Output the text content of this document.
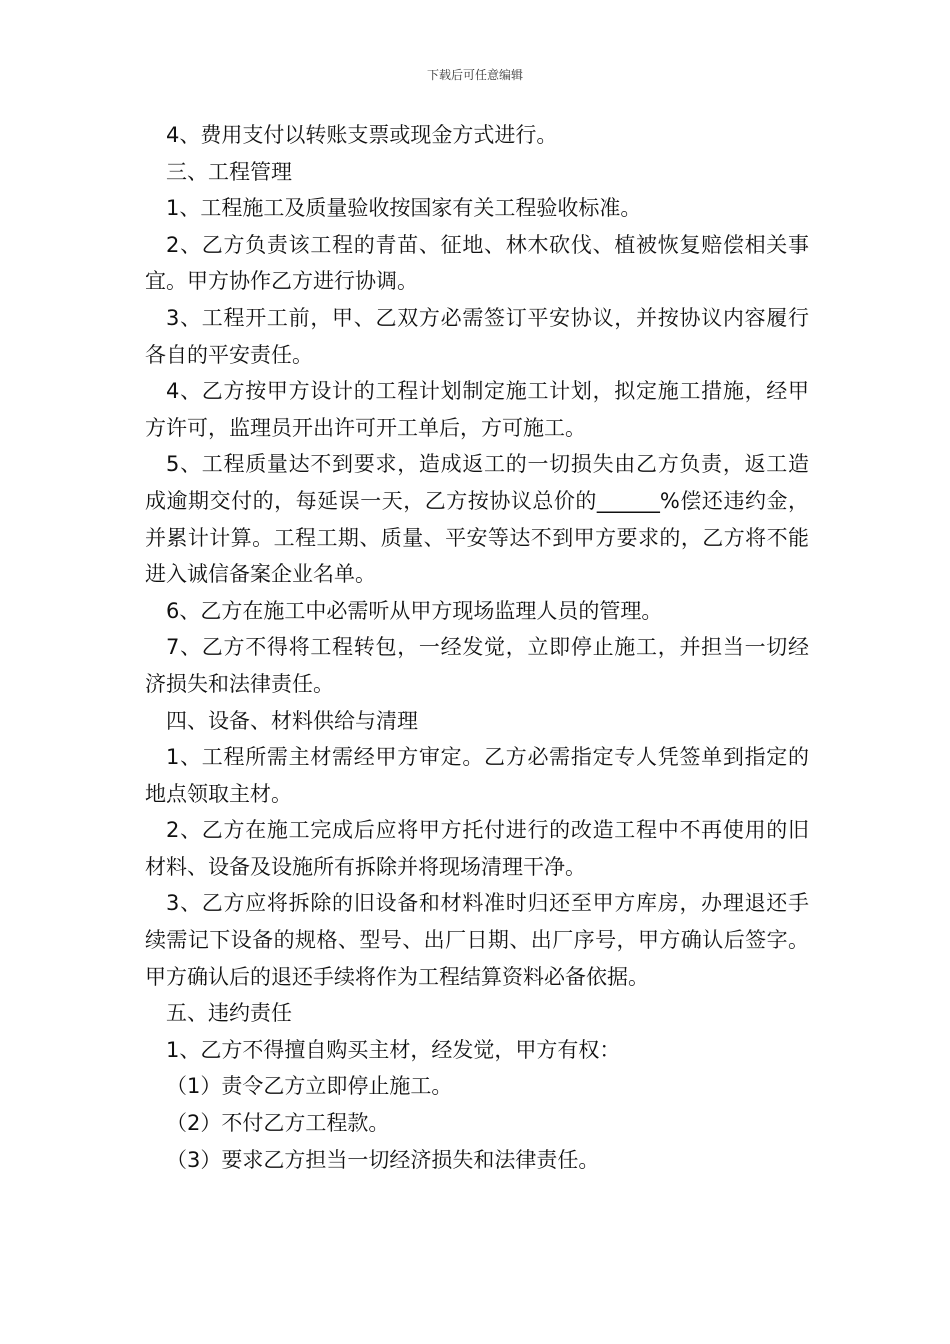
下载后可任意编辑

4、费用支付以转账支票或现金方式进行。

三、工程管理

1、工程施工及质量验收按国家有关工程验收标准。

2、乙方负责该工程的青苗、征地、林木砍伐、植被恢复赔偿相关事宜。甲方协作乙方进行协调。

3、工程开工前，甲、乙双方必需签订平安协议，并按协议内容履行各自的平安责任。

4、乙方按甲方设计的工程计划制定施工计划，拟定施工措施，经甲方许可，监理员开出许可开工单后，方可施工。

5、工程质量达不到要求，造成返工的一切损失由乙方负责，返工造成逾期交付的，每延误一天，乙方按协议总价的______%偿还违约金，并累计计算。工程工期、质量、平安等达不到甲方要求的，乙方将不能进入诚信备案企业名单。

6、乙方在施工中必需听从甲方现场监理人员的管理。

7、乙方不得将工程转包，一经发觉，立即停止施工，并担当一切经济损失和法律责任。

四、设备、材料供给与清理

1、工程所需主材需经甲方审定。乙方必需指定专人凭签单到指定的地点领取主材。

2、乙方在施工完成后应将甲方托付进行的改造工程中不再使用的旧材料、设备及设施所有拆除并将现场清理干净。

3、乙方应将拆除的旧设备和材料准时归还至甲方库房，办理退还手续需记下设备的规格、型号、出厂日期、出厂序号，甲方确认后签字。甲方确认后的退还手续将作为工程结算资料必备依据。

五、违约责任

1、乙方不得擅自购买主材，经发觉，甲方有权：

（1）责令乙方立即停止施工。

（2）不付乙方工程款。

（3）要求乙方担当一切经济损失和法律责任。
